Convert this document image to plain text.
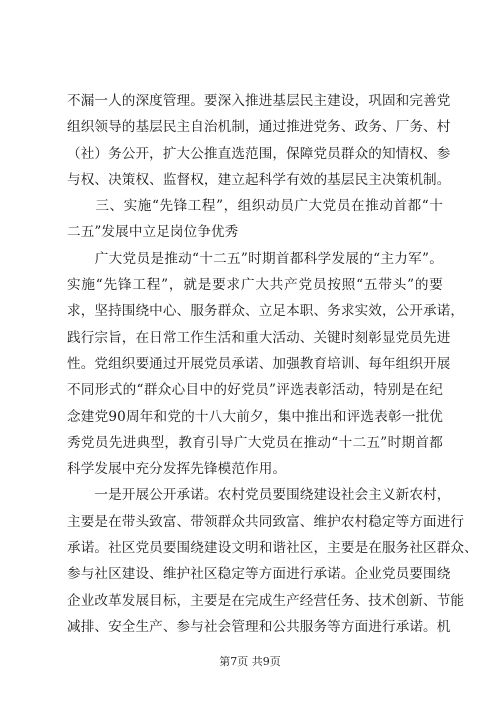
不漏一人的深度管理。要深入推进基层民主建设，巩固和完善党
组织领导的基层民主自治机制，通过推进党务、政务、厂务、村
（社）务公开，扩大公推直选范围，保障党员群众的知情权、参
与权、决策权、监督权，建立起科学有效的基层民主决策机制。
　　三、实施“先锋工程”，组织动员广大党员在推动首都“十
二五”发展中立足岗位争优秀
　　广大党员是推动“十二五”时期首都科学发展的“主力军”。
实施“先锋工程”，就是要求广大共产党员按照“五带头”的要
求，坚持围绕中心、服务群众、立足本职、务求实效，公开承诺，
践行宗旨，在日常工作生活和重大活动、关键时刻彰显党员先进
性。党组织要通过开展党员承诺、加强教育培训、每年组织开展
不同形式的“群众心目中的好党员”评选表彰活动，特别是在纪
念建党90周年和党的十八大前夕，集中推出和评选表彰一批优
秀党员先进典型，教育引导广大党员在推动“十二五”时期首都
科学发展中充分发挥先锋模范作用。
　　一是开展公开承诺。农村党员要围绕建设社会主义新农村，
主要是在带头致富、带领群众共同致富、维护农村稳定等方面进行
承诺。社区党员要围绕建设文明和谐社区，主要是在服务社区群众、
参与社区建设、维护社区稳定等方面进行承诺。企业党员要围绕
企业改革发展目标，主要是在完成生产经营任务、技术创新、节能
减排、安全生产、参与社会管理和公共服务等方面进行承诺。机
第7页 共9页
